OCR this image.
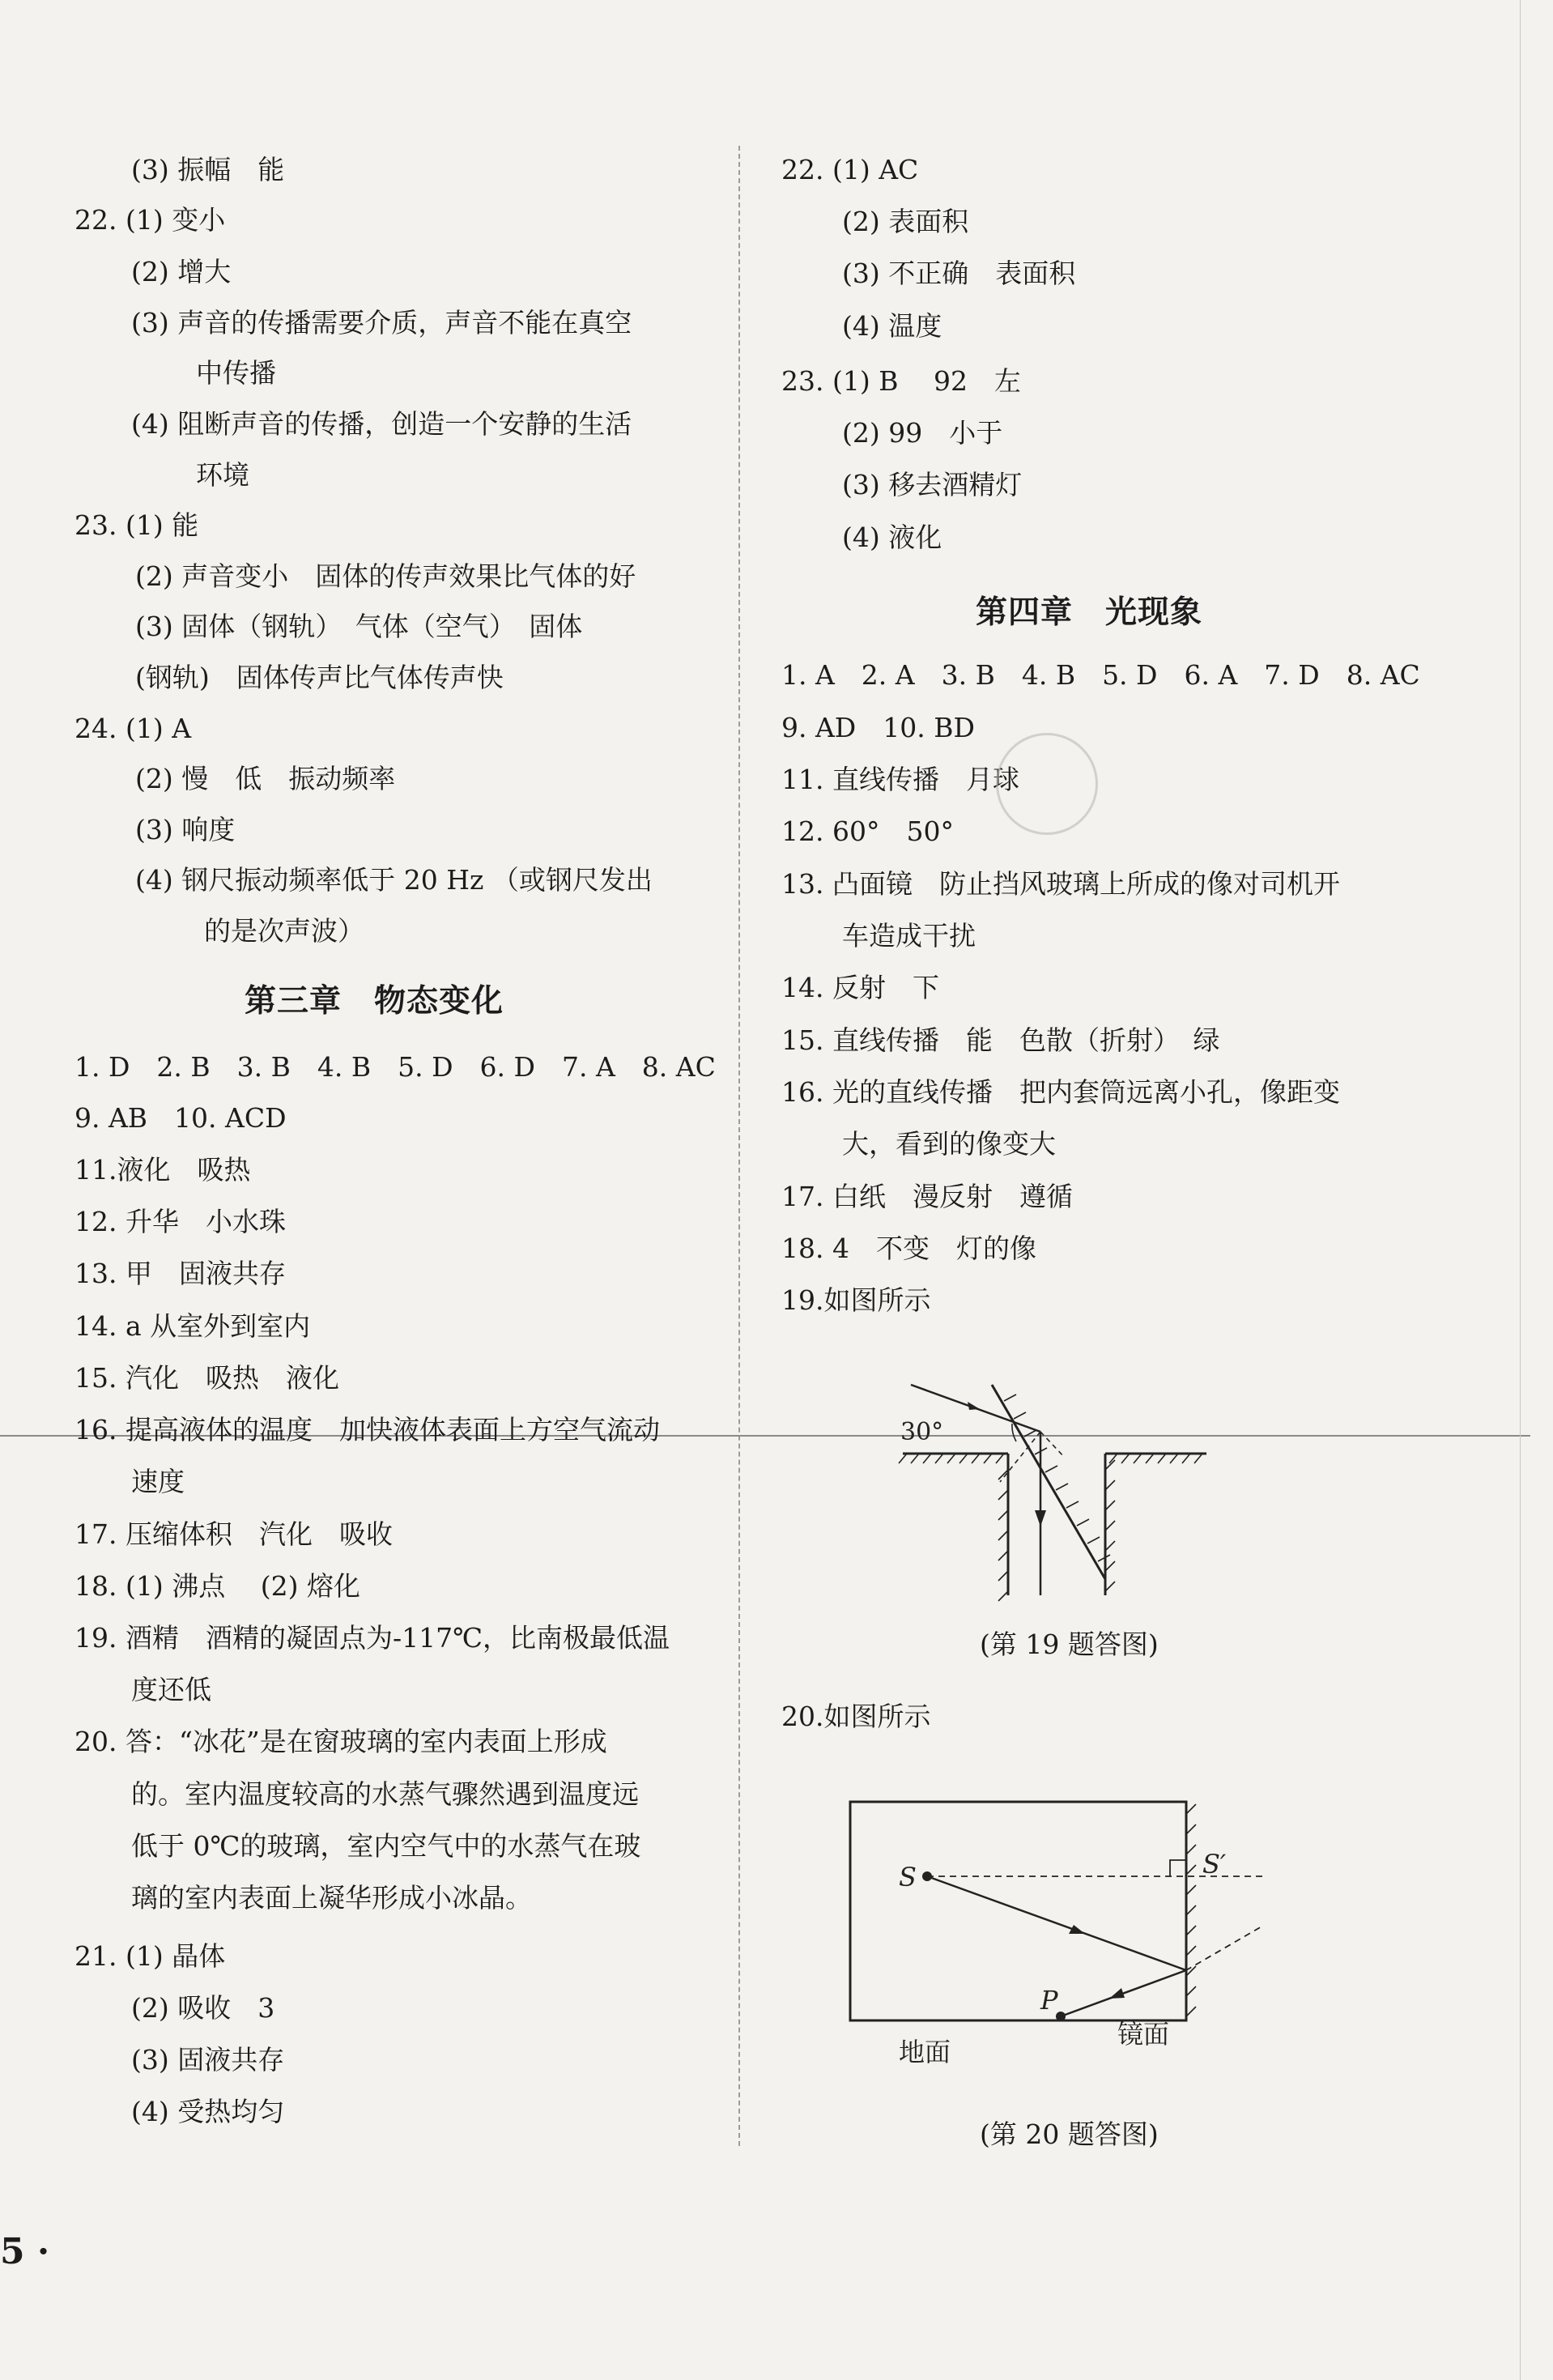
(3) 振幅　能
22. (1) 变小
(2) 增大
(3) 声音的传播需要介质，声音不能在真空
中传播
(4) 阻断声音的传播，创造一个安静的生活
环境
23. (1) 能
(2) 声音变小　固体的传声效果比气体的好
(3) 固体（钢轨）　气体（空气）　固体
(钢轨)　固体传声比气体传声快
24. (1) A
(2) 慢　低　振动频率
(3) 响度
(4) 钢尺振动频率低于 20 Hz （或钢尺发出
的是次声波）
第三章　物态变化
1. D　2. B　3. B　4. B　5. D　6. D　7. A　8. AC
9. AB　10. ACD
11.液化　吸热
12. 升华　小水珠
13. 甲　固液共存
14. a 从室外到室内
15. 汽化　吸热　液化
16. 提高液体的温度　加快液体表面上方空气流动
速度
17. 压缩体积　汽化　吸收
18. (1) 沸点　 (2) 熔化
19. 酒精　酒精的凝固点为-117℃，比南极最低温
度还低
20. 答：“冰花”是在窗玻璃的室内表面上形成
的。室内温度较高的水蒸气骤然遇到温度远
低于 0℃的玻璃，室内空气中的水蒸气在玻
璃的室内表面上凝华形成小冰晶。
21. (1) 晶体
(2) 吸收　3
(3) 固液共存
(4) 受热均匀
22. (1) AC
(2) 表面积
(3) 不正确　表面积
(4) 温度
23. (1) B　 92　左
(2) 99　小于
(3) 移去酒精灯
(4) 液化
第四章　光现象
1. A　2. A　3. B　4. B　5. D　6. A　7. D　8. AC
9. AD　10. BD
11. 直线传播　月球
12. 60°　50°
13. 凸面镜　防止挡风玻璃上所成的像对司机开
车造成干扰
14. 反射　下
15. 直线传播　能　色散（折射）　绿
16. 光的直线传播　把内套筒远离小孔，像距变
大，看到的像变大
17. 白纸　漫反射　遵循
18. 4　不变　灯的像
19.如图所示
20.如图所示
30°
(第 19 题答图)
S	S′
P
地面
镜面
(第 20 题答图)
5 ·
